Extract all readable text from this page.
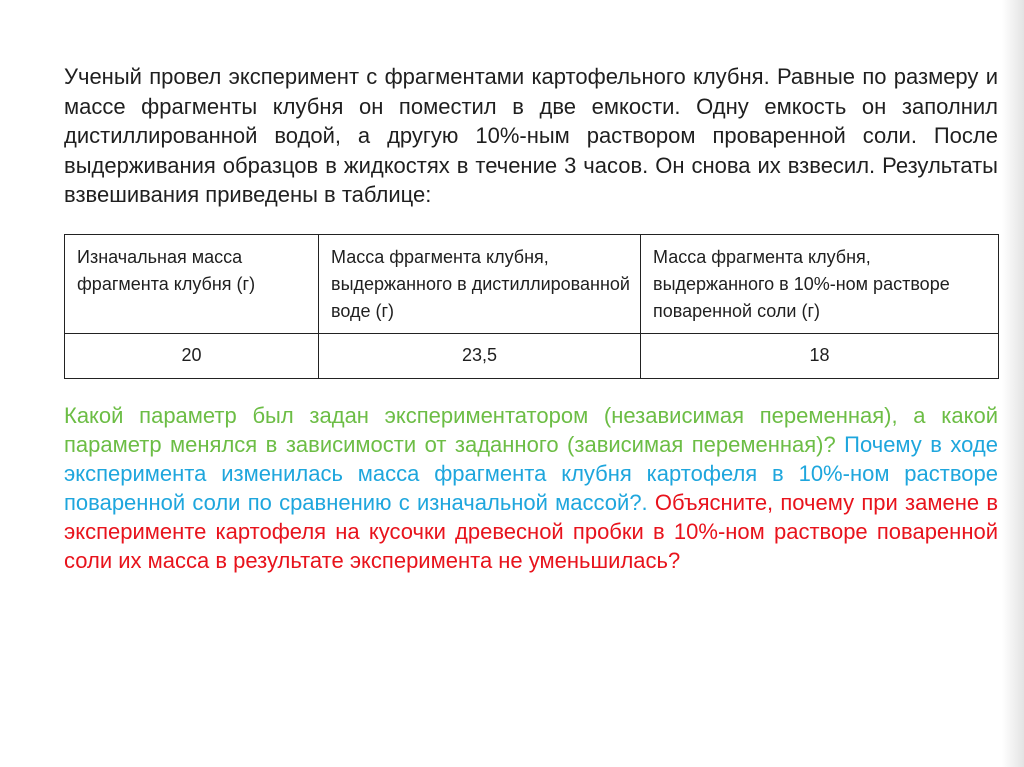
Ученый провел эксперимент с фрагментами картофельного клубня. Равные по размеру и массе фрагменты клубня он поместил в две емкости. Одну емкость он заполнил дистиллированной водой, а другую 10%-ным раствором проваренной соли. После выдерживания образцов в жидкостях в течение 3 часов. Он снова их взвесил. Результаты взвешивания приведены в таблице:

Изначальная масса фрагмента клубня (г)	Масса фрагмента клубня, выдержанного в дистиллированной воде (г)	Масса фрагмента клубня, выдержанного в 10%-ном растворе поваренной соли (г)
20	23,5	18

Какой параметр был задан экспериментатором (независимая переменная), а какой параметр менялся в зависимости от заданного (зависимая переменная)? Почему в ходе эксперимента изменилась масса фрагмента клубня картофеля в 10%-ном растворе поваренной соли по сравнению с изначальной массой?. Объясните, почему при замене в эксперименте картофеля на кусочки древесной пробки в 10%-ном растворе поваренной соли их масса в результате эксперимента не уменьшилась?
